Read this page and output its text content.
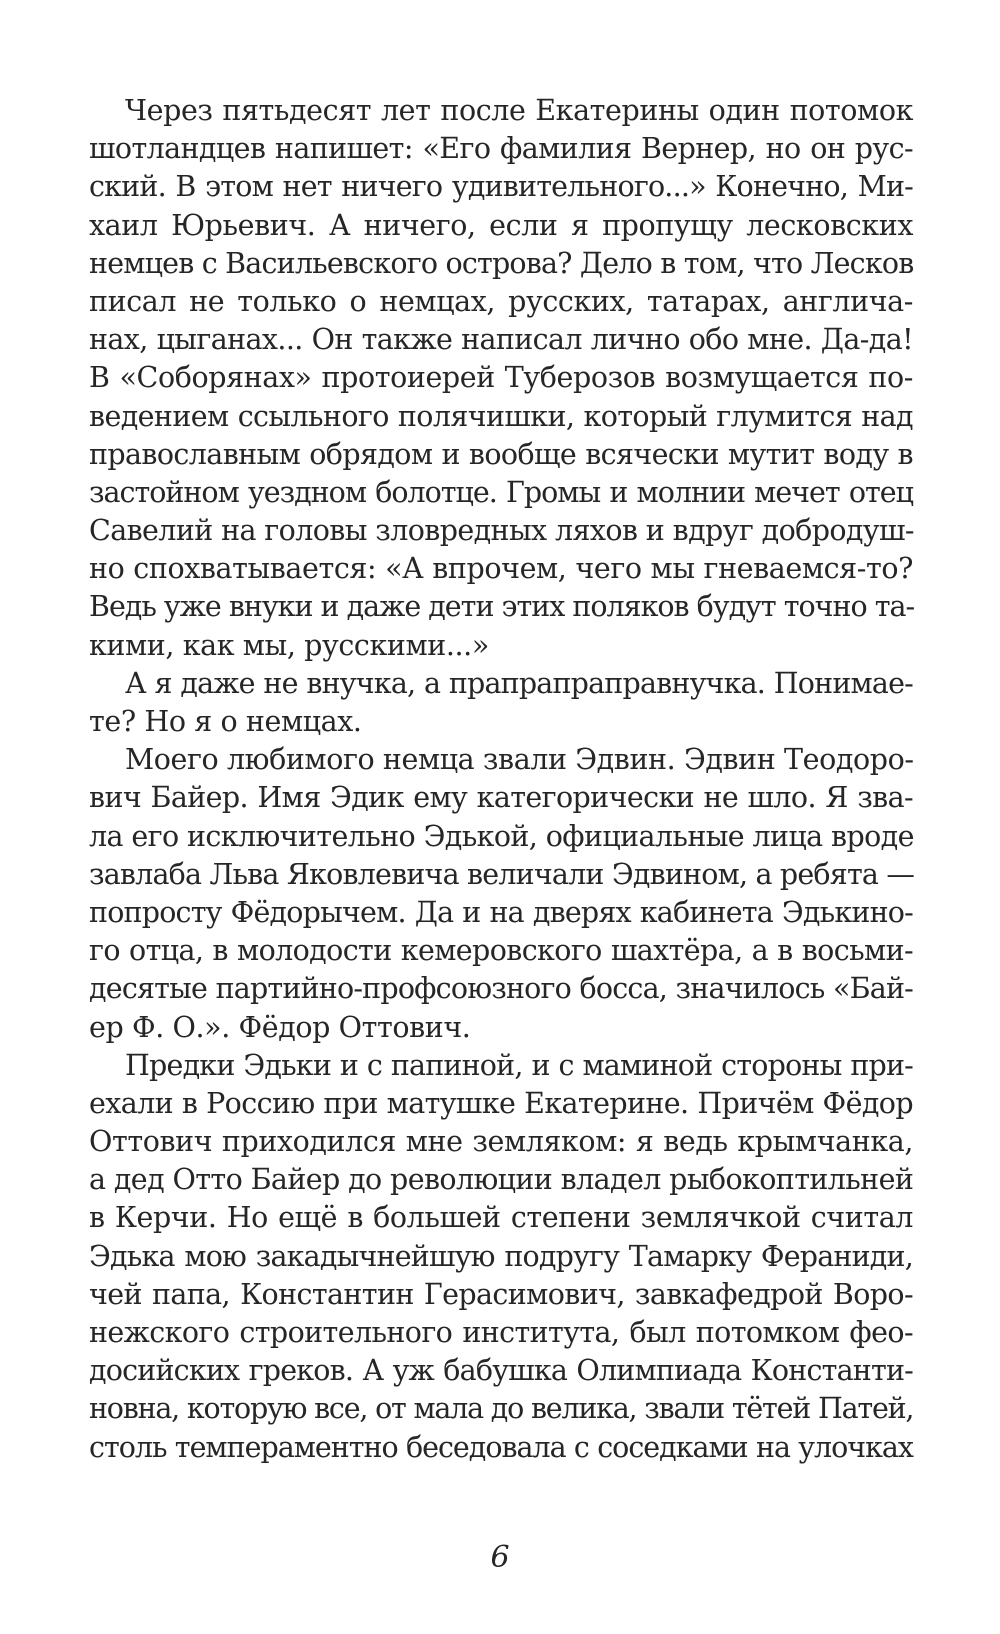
Через пятьдесят лет после Екатерины один потомок
шотландцев напишет: «Его фамилия Вернер, но он рус-
ский. В этом нет ничего удивительного...» Конечно, Ми-
хаил Юрьевич. А ничего, если я пропущу лесковских
немцев с Васильевского острова? Дело в том, что Лесков
писал не только о немцах, русских, татарах, англича-
нах, цыганах... Он также написал лично обо мне. Да-да!
В «Соборянах» протоиерей Туберозов возмущается по-
ведением ссыльного полячишки, который глумится над
православным обрядом и вообще всячески мутит воду в
застойном уездном болотце. Громы и молнии мечет отец
Савелий на головы зловредных ляхов и вдруг добродуш-
но спохватывается: «А впрочем, чего мы гневаемся-то?
Ведь уже внуки и даже дети этих поляков будут точно та-
кими, как мы, русскими...»
А я даже не внучка, а прапрапраправнучка. Понимае-
те? Но я о немцах.
Моего любимого немца звали Эдвин. Эдвин Теодоро-
вич Байер. Имя Эдик ему категорически не шло. Я зва-
ла его исключительно Эдькой, официальные лица вроде
завлаба Льва Яковлевича величали Эдвином, а ребята —
попросту Фёдорычем. Да и на дверях кабинета Эдькино-
го отца, в молодости кемеровского шахтёра, а в восьми-
десятые партийно-профсоюзного босса, значилось «Бай-
ер Ф. О.». Фёдор Оттович.
Предки Эдьки и с папиной, и с маминой стороны при-
ехали в Россию при матушке Екатерине. Причём Фёдор
Оттович приходился мне земляком: я ведь крымчанка,
а дед Отто Байер до революции владел рыбокоптильней
в Керчи. Но ещё в большей степени землячкой считал
Эдька мою закадычнейшую подругу Тамарку Фераниди,
чей папа, Константин Герасимович, завкафедрой Воро-
нежского строительного института, был потомком фео-
досийских греков. А уж бабушка Олимпиада Константи-
новна, которую все, от мала до велика, звали тётей Патей,
столь темпераментно беседовала с соседками на улочках
6
